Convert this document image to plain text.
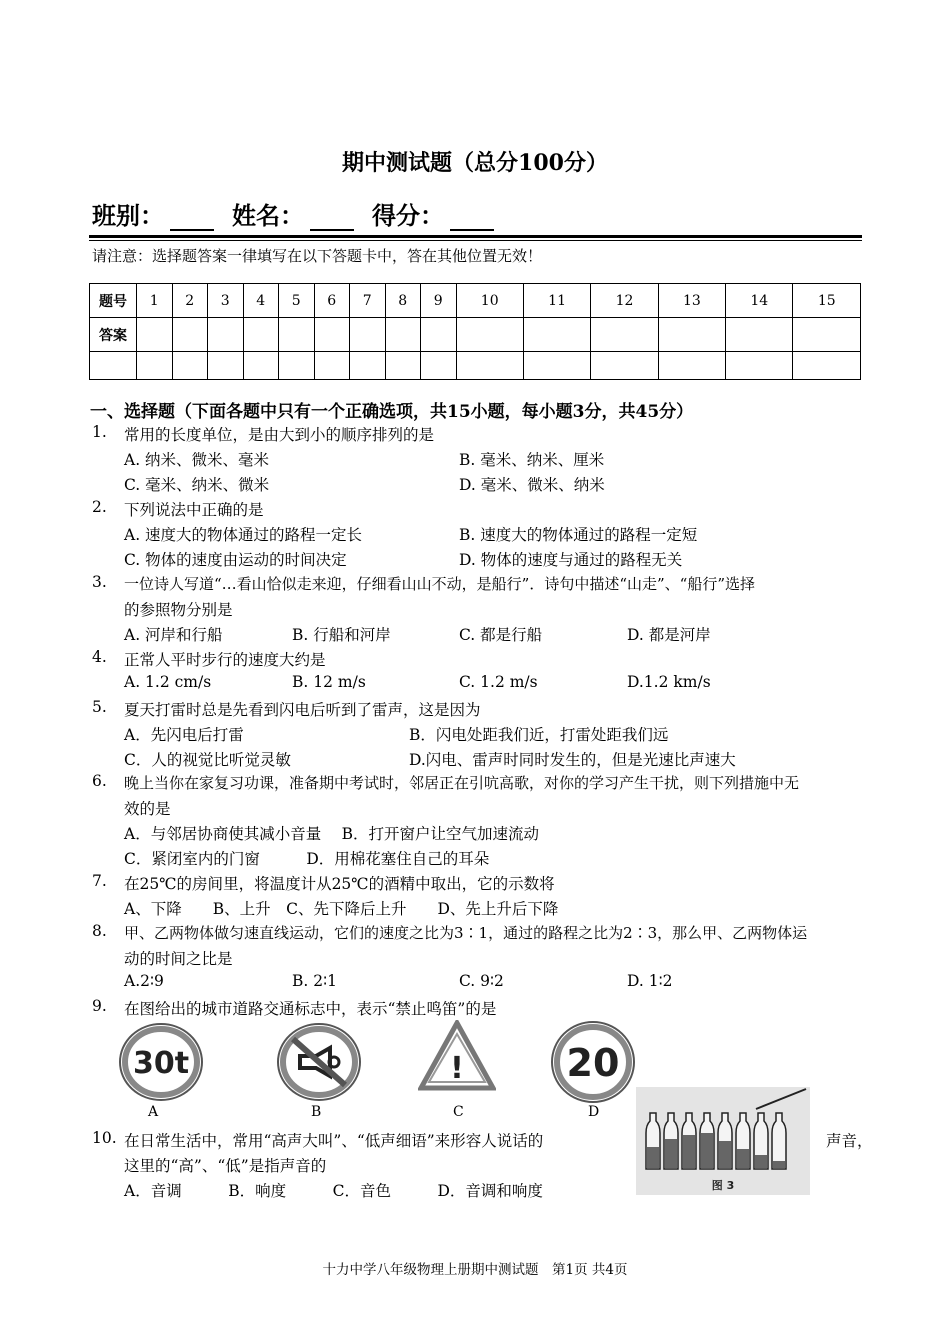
期中测试题（总分100分）
班别：	姓名：	得分：
请注意：选择题答案一律填写在以下答题卡中，答在其他位置无效！
题号	1	2	3	4	5	6	7	8	9	10	11	12	13	14	15
答案															

一、选择题（下面各题中只有一个正确选项，共15小题，每小题3分，共45分）
1. 常用的长度单位，是由大到小的顺序排列的是
A. 纳米、微米、毫米	B. 毫米、纳米、厘米
C. 毫米、纳米、微米	D. 毫米、微米、纳米
2. 下列说法中正确的是
A. 速度大的物体通过的路程一定长	B. 速度大的物体通过的路程一定短
C. 物体的速度由运动的时间决定	D. 物体的速度与通过的路程无关
3. 一位诗人写道“…看山恰似走来迎，仔细看山山不动，是船行”．诗句中描述“山走”、“船行”选择
的参照物分别是
A. 河岸和行船	B. 行船和河岸	C. 都是行船	D. 都是河岸
4. 正常人平时步行的速度大约是
A. 1.2 cm/s	B. 12 m/s	C. 1.2 m/s	D.1.2 km/s
5. 夏天打雷时总是先看到闪电后听到了雷声，这是因为
A．先闪电后打雷	B．闪电处距我们近，打雷处距我们远
C．人的视觉比听觉灵敏	D.闪电、雷声时同时发生的，但是光速比声速大
6. 晚上当你在家复习功课，准备期中考试时，邻居正在引吭高歌，对你的学习产生干扰，则下列措施中无
效的是
A．与邻居协商使其减小音量　 B．打开窗户让空气加速流动
C．紧闭室内的门窗　　　D．用棉花塞住自己的耳朵
7. 在25℃的房间里，将温度计从25℃的酒精中取出，它的示数将
A、下降　　B、上升　C、先下降后上升　　D、先上升后下降
8. 甲、乙两物体做匀速直线运动，它们的速度之比为3∶1，通过的路程之比为2∶3，那么甲、乙两物体运
动的时间之比是
A.2∶9	B. 2∶1	C. 9∶2	D. 1∶2
9. 在图给出的城市道路交通标志中，表示“禁止鸣笛”的是
30t
A	B
!
C
20
D
图 3
10. 在日常生活中，常用“高声大叫”、“低声细语”来形容人说话的	声音，
这里的“高”、“低”是指声音的
A．音调　　　B．响度　　　C．音色　　　D．音调和响度
十力中学八年级物理上册期中测试题　第1页 共4页
